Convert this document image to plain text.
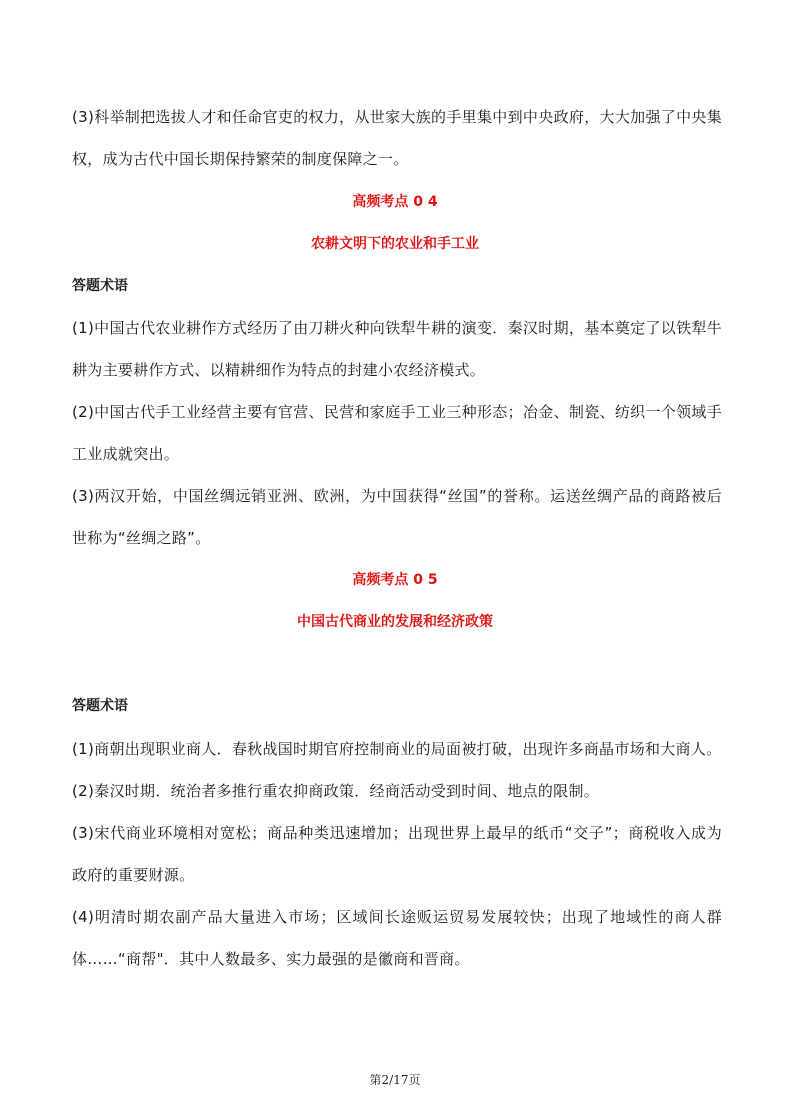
(3)科举制把选拔人才和任命官吏的权力，从世家大族的手里集中到中央政府，大大加强了中央集权，成为古代中国长期保持繁荣的制度保障之一。

高频考点 0 4

农耕文明下的农业和手工业

答题术语

(1)中国古代农业耕作方式经历了由刀耕火种向铁犁牛耕的演变．秦汉时期，基本奠定了以铁犁牛耕为主要耕作方式、以精耕细作为特点的封建小农经济模式。

(2)中国古代手工业经营主要有官营、民营和家庭手工业三种形态；冶金、制瓷、纺织一个领域手工业成就突出。

(3)两汉开始，中国丝绸远销亚洲、欧洲，为中国获得“丝国”的誉称。运送丝绸产品的商路被后世称为“丝绸之路”。

高频考点 0 5

中国古代商业的发展和经济政策

答题术语

(1)商朝出现职业商人．春秋战国时期官府控制商业的局面被打破，出现许多商晶市场和大商人。

(2)秦汉时期．统治者多推行重农抑商政策．经商活动受到时间、地点的限制。

(3)宋代商业环境相对宽松；商品种类迅速增加；出现世界上最早的纸币“交子”；商税收入成为政府的重要财源。

(4)明清时期农副产品大量进入市场；区域间长途贩运贸易发展较快；出现了地域性的商人群体……“商帮"．其中人数最多、实力最强的是徽商和晋商。

第2/17页
